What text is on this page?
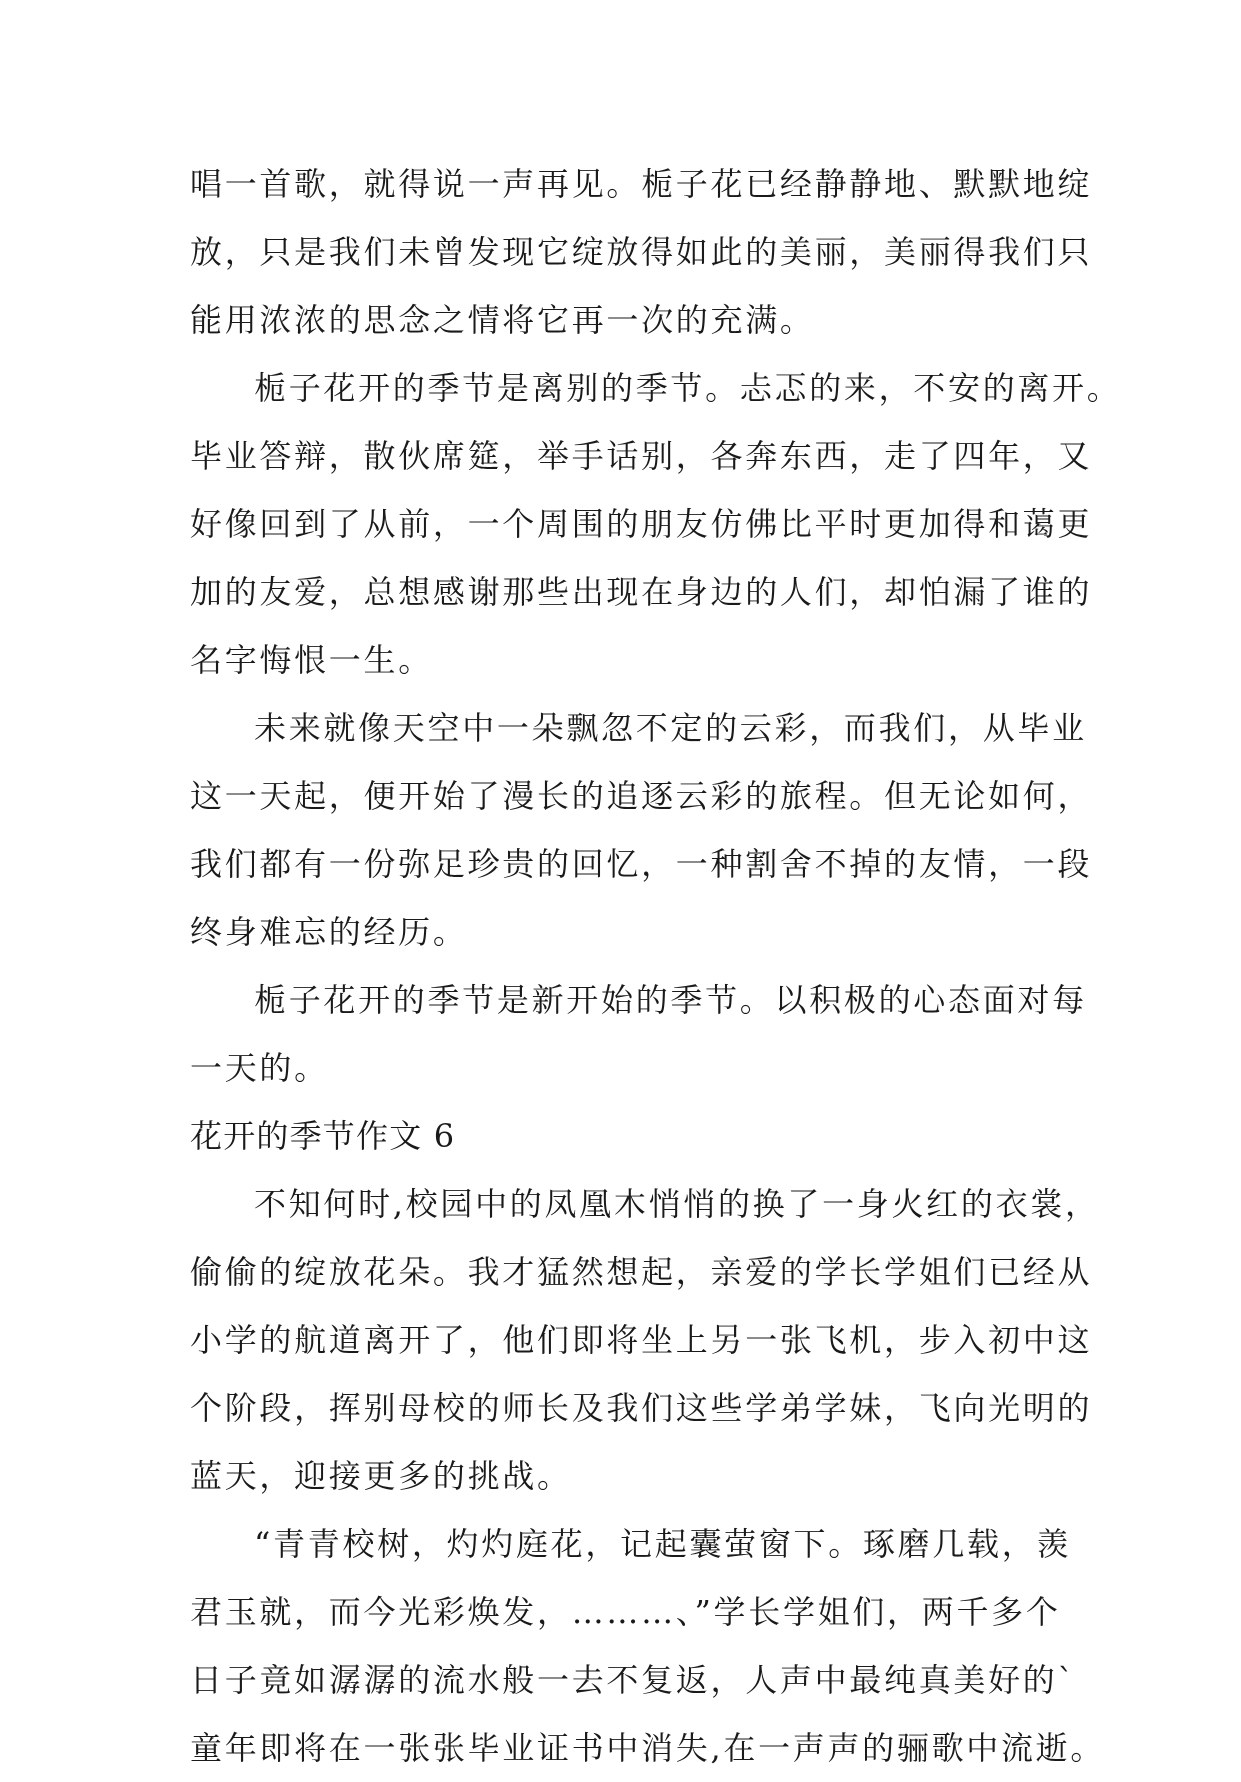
唱一首歌，就得说一声再见。栀子花已经静静地、默默地绽
放，只是我们未曾发现它绽放得如此的美丽，美丽得我们只
能用浓浓的思念之情将它再一次的充满。
栀子花开的季节是离别的季节。忐忑的来，不安的离开。
毕业答辩，散伙席筵，举手话别，各奔东西，走了四年，又
好像回到了从前，一个周围的朋友仿佛比平时更加得和蔼更
加的友爱，总想感谢那些出现在身边的人们，却怕漏了谁的
名字悔恨一生。
未来就像天空中一朵飘忽不定的云彩，而我们，从毕业
这一天起，便开始了漫长的追逐云彩的旅程。但无论如何，
我们都有一份弥足珍贵的回忆，一种割舍不掉的友情，一段
终身难忘的经历。
栀子花开的季节是新开始的季节。以积极的心态面对每
一天的。
花开的季节作文 6
不知何时,校园中的凤凰木悄悄的换了一身火红的衣裳，
偷偷的绽放花朵。我才猛然想起，亲爱的学长学姐们已经从
小学的航道离开了，他们即将坐上另一张飞机，步入初中这
个阶段，挥别母校的师长及我们这些学弟学妹，飞向光明的
蓝天，迎接更多的挑战。
“青青校树，灼灼庭花，记起囊萤窗下。琢磨几载，羡
君玉就，而今光彩焕发，………、”学长学姐们，两千多个
日子竟如潺潺的流水般一去不复返，人声中最纯真美好的`
童年即将在一张张毕业证书中消失,在一声声的骊歌中流逝。
